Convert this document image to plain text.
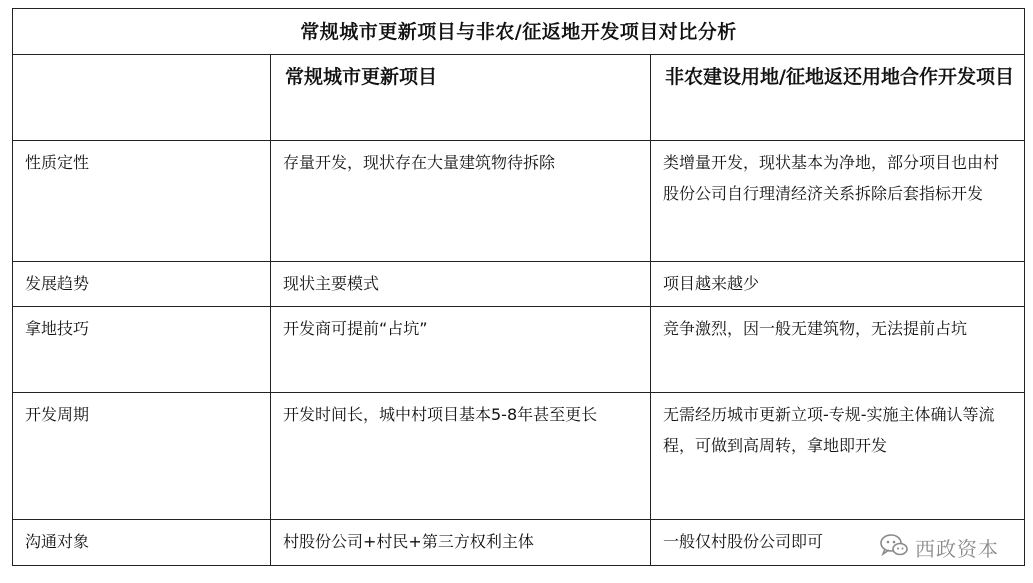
常规城市更新项目与非农/征返地开发项目对比分析		
	常规城市更新项目	非农建设用地/征地返还用地合作开发项目
性质定性	存量开发，现状存在大量建筑物待拆除	类增量开发，现状基本为净地，部分项目也由村股份公司自行理清经济关系拆除后套指标开发
发展趋势	现状主要模式	项目越来越少
拿地技巧	开发商可提前“占坑”	竞争激烈，因一般无建筑物，无法提前占坑
开发周期	开发时间长，城中村项目基本5-8年甚至更长	无需经历城市更新立项-专规-实施主体确认等流程，可做到高周转，拿地即开发
沟通对象	村股份公司+村民+第三方权利主体	一般仅村股份公司即可	西政资本
